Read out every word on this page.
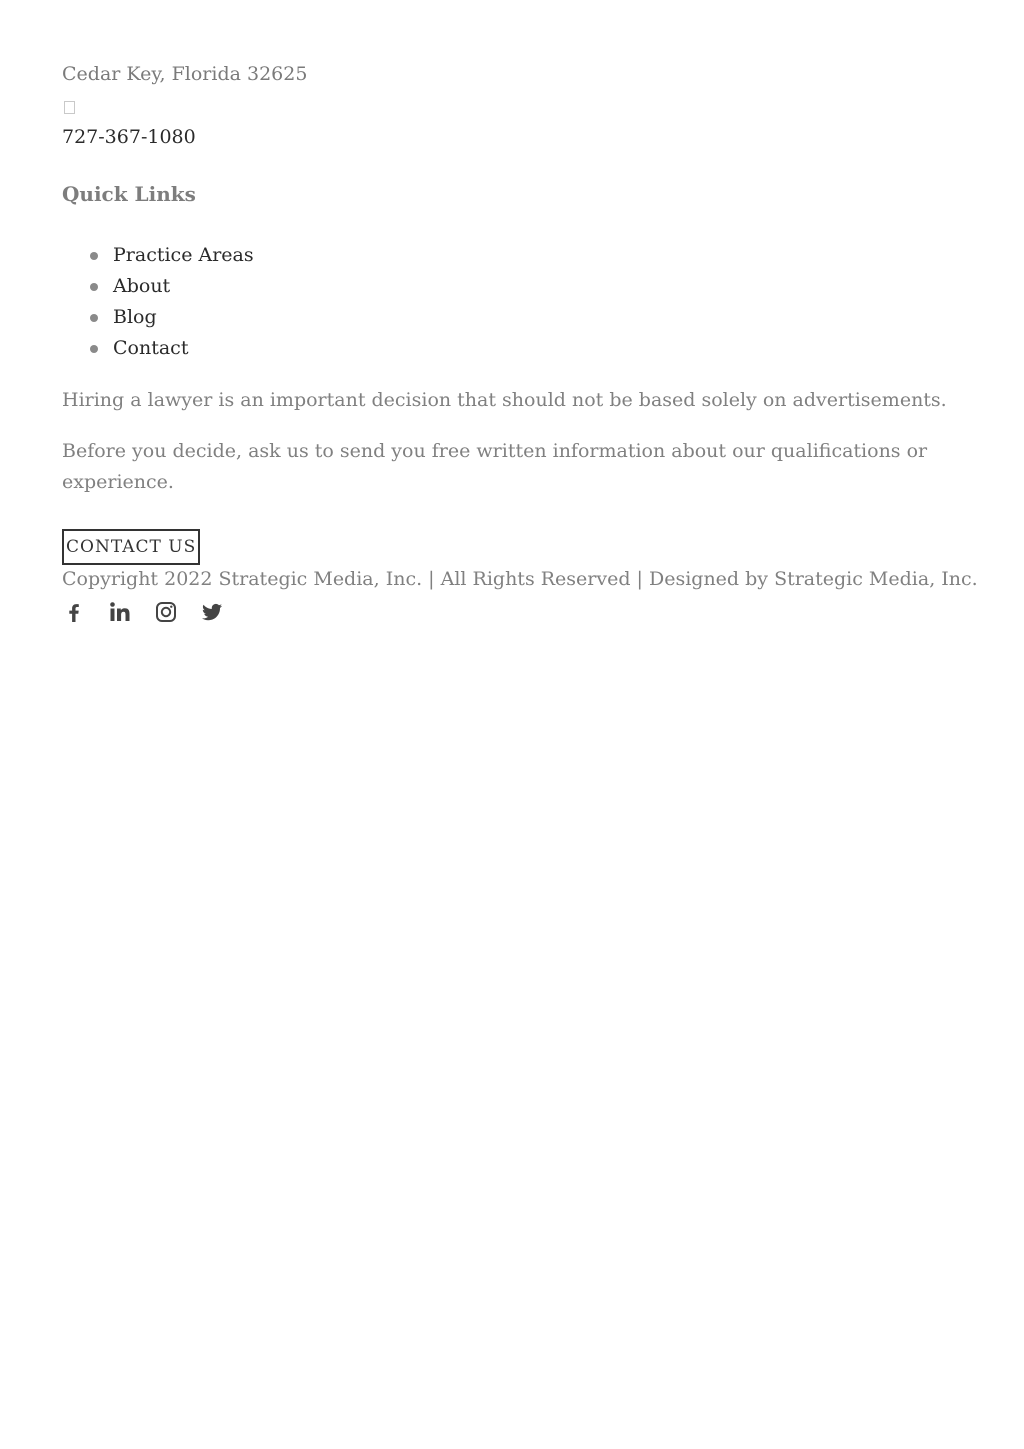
Cedar Key, Florida 32625
727-367-1080
Quick Links
Practice Areas
About
Blog
Contact

Hiring a lawyer is an important decision that should not be based solely on advertisements.

Before you decide, ask us to send you free written information about our qualifications or experience.

CONTACT US
Copyright 2022 Strategic Media, Inc. | All Rights Reserved | Designed by Strategic Media, Inc.
